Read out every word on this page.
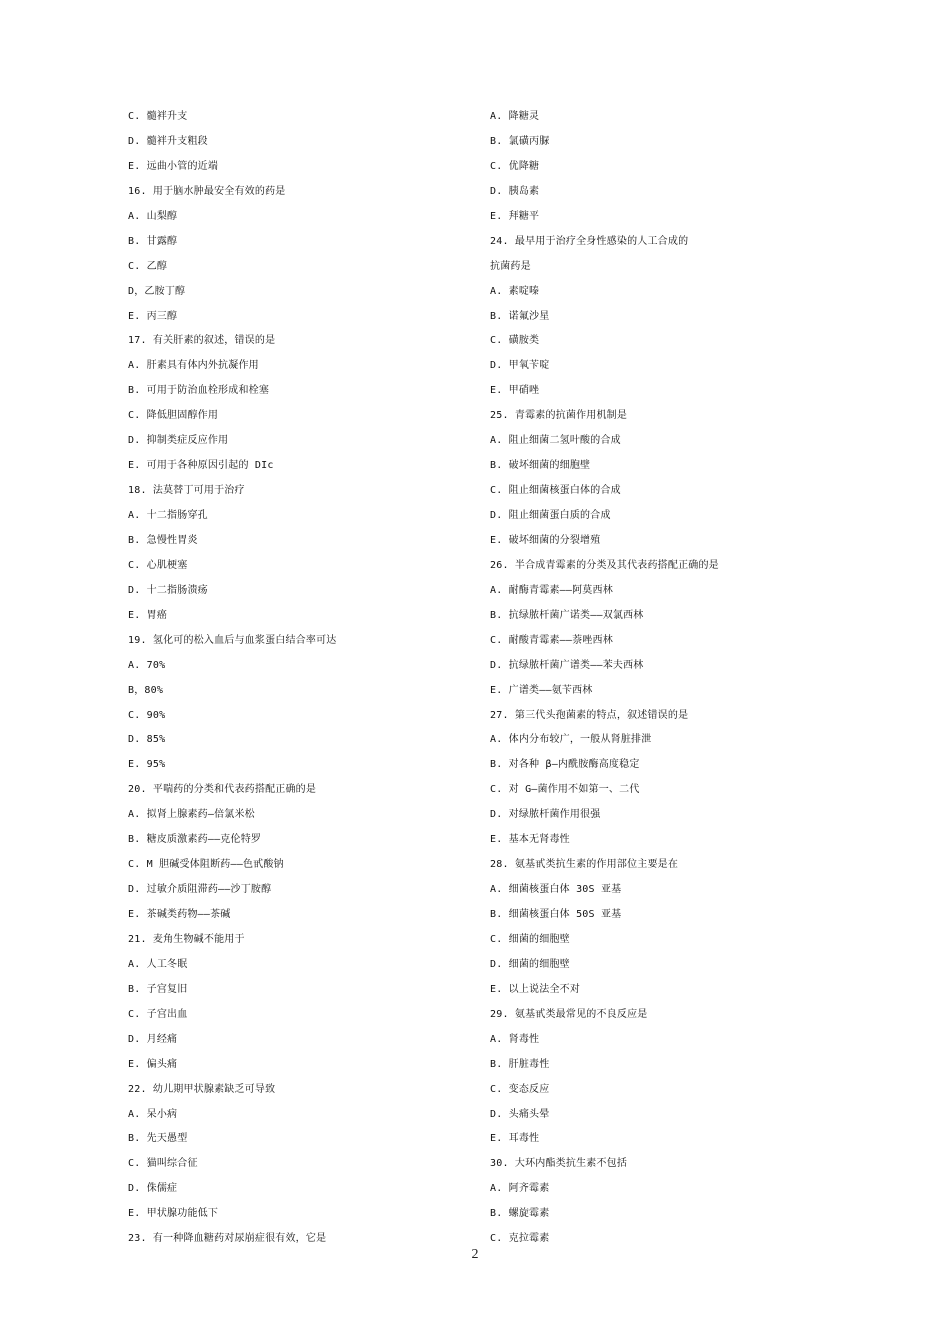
C. 髓袢升支
D. 髓袢升支粗段
E. 远曲小管的近端
16. 用于脑水肿最安全有效的药是
A. 山梨醇
B. 甘露醇
C. 乙醇
D，乙胺丁醇
E. 丙三醇
17. 有关肝素的叙述，错误的是
A. 肝素具有体内外抗凝作用
B. 可用于防治血栓形成和栓塞
C. 降低胆固醇作用
D. 抑制类症反应作用
E. 可用于各种原因引起的 DIc
18. 法莫替丁可用于治疗
A. 十二指肠穿孔
B. 急慢性胃炎
C. 心肌梗塞
D. 十二指肠溃疡
E. 胃癌
19. 氢化可的松入血后与血浆蛋白结合率可达
A. 70%
B，80%
C. 90%
D. 85%
E. 95%
20. 平喘药的分类和代表药搭配正确的是
A. 拟肾上腺素药—倍氯米松
B. 糖皮质激素药——克伦特罗
C. M 胆碱受体阻断药——色甙酸钠
D. 过敏介质阻滞药——沙丁胺醇
E. 茶碱类药物——茶碱
21. 麦角生物碱不能用于
A. 人工冬眠
B. 子宫复旧
C. 子宫出血
D. 月经痛
E. 偏头痛
22. 幼儿期甲状腺素缺乏可导致
A. 呆小病
B. 先天愚型
C. 猫叫综合征
D. 侏儒症
E. 甲状腺功能低下
23. 有一种降血糖药对尿崩症很有效，它是
A. 降糖灵
B. 氯磺丙脲
C. 优降糖
D. 胰岛素
E. 拜糖平
24. 最早用于治疗全身性感染的人工合成的
抗菌药是
A. 素啶嗪
B. 诺氟沙星
C. 磺胺类
D. 甲氧苄啶
E. 甲硝唑
25. 青霉素的抗菌作用机制是
A. 阻止细菌二氢叶酸的合成
B. 破坏细菌的细胞壁
C. 阻止细菌核蛋白体的合成
D. 阻止细菌蛋白质的合成
E. 破坏细菌的分裂增殖
26. 半合成青霉素的分类及其代表药搭配正确的是
A. 耐酶青霉素——阿莫西林
B. 抗绿脓杆菌广诺类——双氯西林
C. 耐酸青霉素——萘唑西林
D. 抗绿脓杆菌广谱类——苯夫西林
E. 广谱类——氨苄西林
27. 第三代头孢菌素的特点，叙述错误的是
A. 体内分布较广，一般从肾脏排泄
B. 对各种 β—内酰胺酶高度稳定
C. 对 G—菌作用不如第一、二代
D. 对绿脓杆菌作用很强
E. 基本无肾毒性
28. 氨基甙类抗生素的作用部位主要是在
A. 细菌核蛋白体 30S 亚基
B. 细菌核蛋白体 50S 亚基
C. 细菌的细胞壁
D. 细菌的细胞壁
E. 以上说法全不对
29. 氨基甙类最常见的不良反应是
A. 肾毒性
B. 肝脏毒性
C. 变态反应
D. 头痛头晕
E. 耳毒性
30. 大环内酯类抗生素不包括
A. 阿齐霉素
B. 螺旋霉素
C. 克拉霉素
2
